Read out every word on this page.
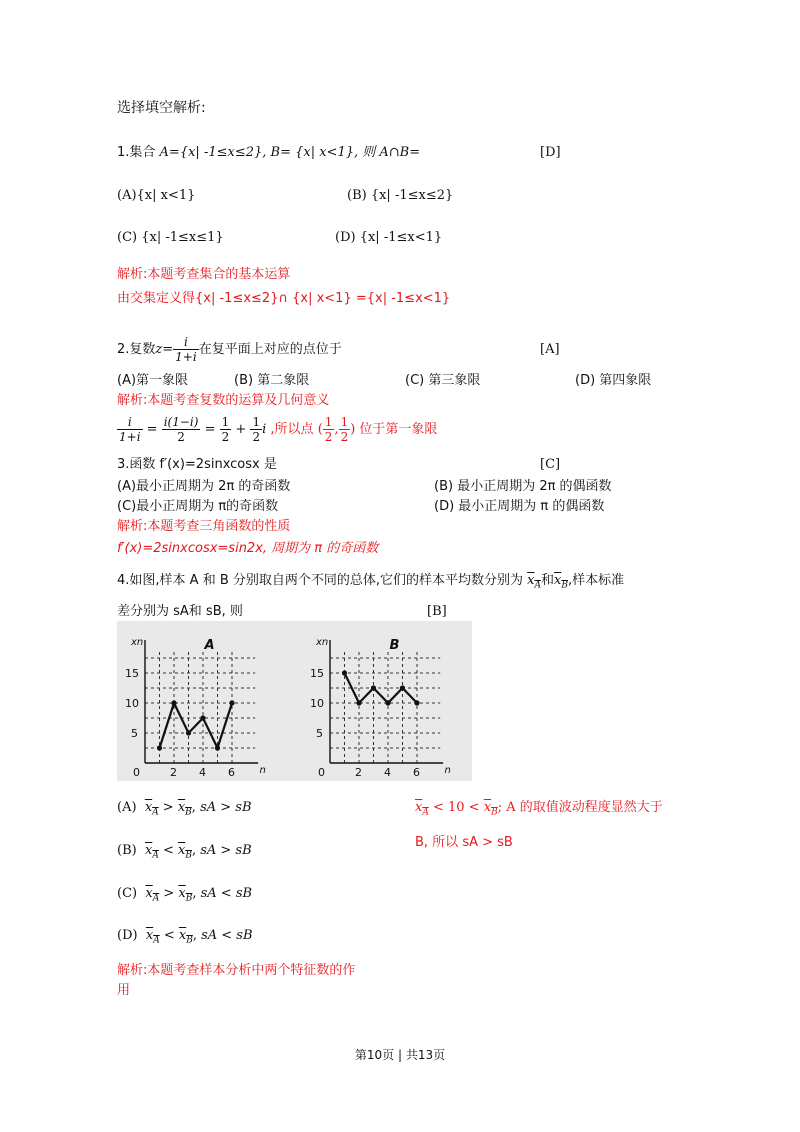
选择填空解析:
1.集合 A={x| -1≤x≤2}, B= {x| x<1}, 则 A∩B=	[D]
(A){x| x<1}	(B) {x| -1≤x≤2}
(C) {x| -1≤x≤1}	(D) {x| -1≤x<1}
解析:本题考查集合的基本运算
由交集定义得{x| -1≤x≤2}∩ {x| x<1} ={x| -1≤x<1}
2.复数$z= \frac{i}{1+i}$ 在复平面上对应的点位于	[A]
(A)第一象限	(B) 第二象限	(C) 第三象限	(D) 第四象限
解析:本题考查复数的运算及几何意义
$\frac{i}{1+i} = \frac{i(1-i)}{2} = \frac{1}{2} + \frac{1}{2}$ i ,所以点 ( $\frac{1}{2}$ , $\frac{1}{2}$ ) 位于第一象限
3.函数 f′(x)=2sinxcosx 是	[C]
(A)最小正周期为 2π 的奇函数	(B) 最小正周期为 2π 的偶函数
(C)最小正周期为 π的奇函数	(D) 最小正周期为 π 的偶函数
解析:本题考查三角函数的性质
f′(x)=2sinxcosx=sin2x, 周期为 π 的奇函数
4.如图,样本 A 和 B 分别取自两个不同的总体,它们的样本平均数分别为 $x_A$和$x_B$,样本标准
差分别为 sA和 sB, 则	[B]
0	2 4 6
5
10
15
xn
n
A
0	2 4 6
5
10
15
xn
n
B
(A) $x_A > x_B$, sA > sB
(B) $x_A < x_B$, sA > sB
(C) $x_A > x_B$, sA < sB
(D) $x_A < x_B$, sA < sB
$x_A < 10 < x_B$; A 的取值波动程度显然大于
B, 所以 sA > sB
解析:本题考查样本分析中两个特征数的作
用
第10页 | 共13页
